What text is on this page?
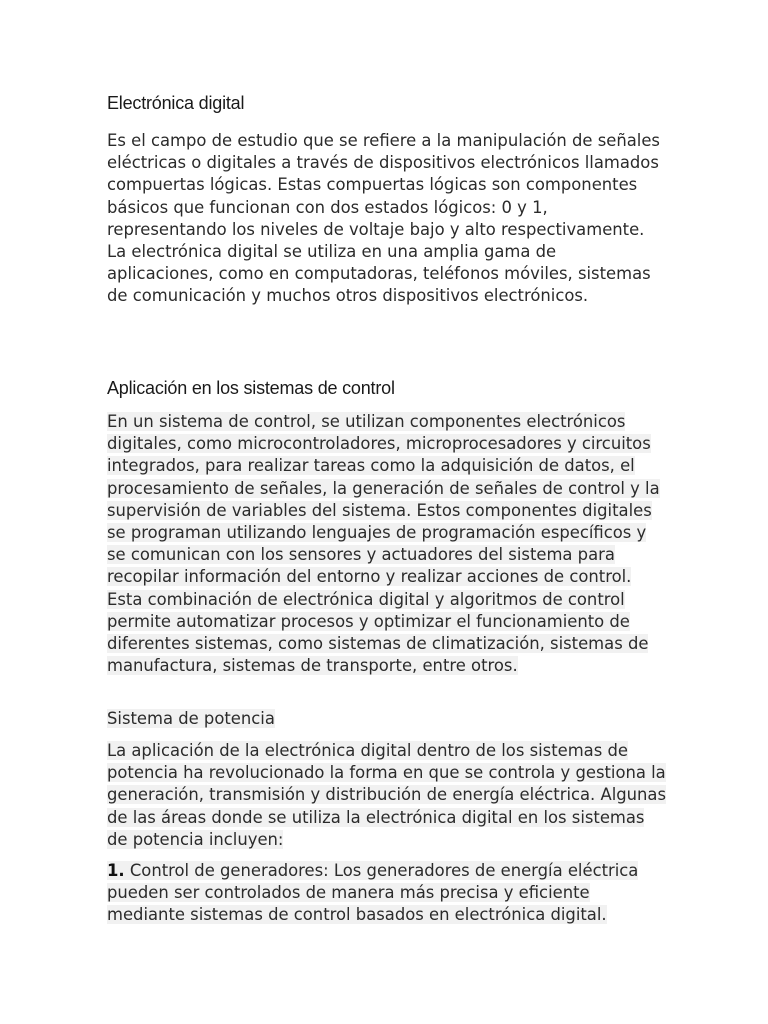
Electrónica digital

Es el campo de estudio que se refiere a la manipulación de señales eléctricas o digitales a través de dispositivos electrónicos llamados compuertas lógicas. Estas compuertas lógicas son componentes básicos que funcionan con dos estados lógicos: 0 y 1, representando los niveles de voltaje bajo y alto respectivamente. La electrónica digital se utiliza en una amplia gama de aplicaciones, como en computadoras, teléfonos móviles, sistemas de comunicación y muchos otros dispositivos electrónicos.

Aplicación en los sistemas de control

En un sistema de control, se utilizan componentes electrónicos digitales, como microcontroladores, microprocesadores y circuitos integrados, para realizar tareas como la adquisición de datos, el procesamiento de señales, la generación de señales de control y la supervisión de variables del sistema. Estos componentes digitales se programan utilizando lenguajes de programación específicos y se comunican con los sensores y actuadores del sistema para recopilar información del entorno y realizar acciones de control. Esta combinación de electrónica digital y algoritmos de control permite automatizar procesos y optimizar el funcionamiento de diferentes sistemas, como sistemas de climatización, sistemas de manufactura, sistemas de transporte, entre otros.

Sistema de potencia

La aplicación de la electrónica digital dentro de los sistemas de potencia ha revolucionado la forma en que se controla y gestiona la generación, transmisión y distribución de energía eléctrica. Algunas de las áreas donde se utiliza la electrónica digital en los sistemas de potencia incluyen:

1. Control de generadores: Los generadores de energía eléctrica pueden ser controlados de manera más precisa y eficiente mediante sistemas de control basados en electrónica digital.
